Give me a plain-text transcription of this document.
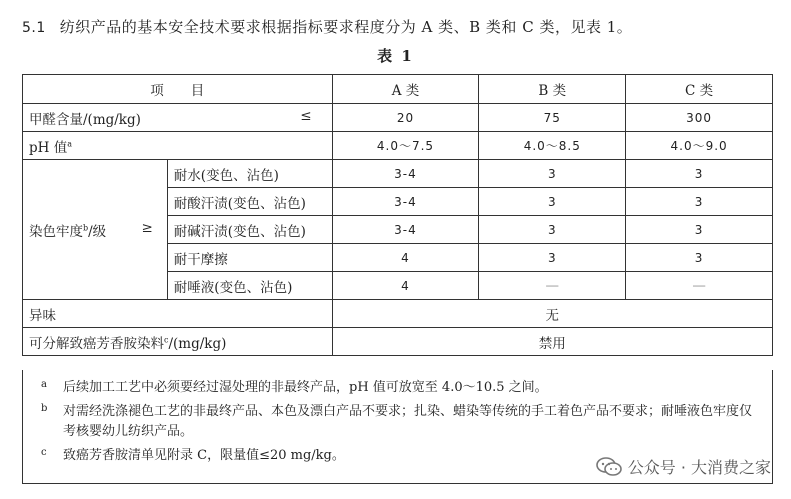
5.1 纺织产品的基本安全技术要求根据指标要求程度分为 A 类、B 类和 C 类，见表 1。
表 1
项　　目		A 类	B 类	C 类
甲醛含量/(mg/kg) ≤		20	75	300
pH 值$^a$		4.0～7.5	4.0～8.5	4.0～9.0
染色牢度$^b$/级 ≥	耐水(变色、沾色)	3-4	3	3
	耐酸汗渍(变色、沾色)	3-4	3	3
	耐碱汗渍(变色、沾色)	3-4	3	3
	耐干摩擦	4	3	3
	耐唾液(变色、沾色)	4	—	—
异味		无		
可分解致癌芳香胺染料$^c$/(mg/kg)		禁用		
a 后续加工工艺中必须要经过湿处理的非最终产品，pH 值可放宽至 4.0～10.5 之间。
b 对需经洗涤褪色工艺的非最终产品、本色及漂白产品不要求；扎染、蜡染等传统的手工着色产品不要求；耐唾液色牢度仅考核婴幼儿纺织产品。
c 致癌芳香胺清单见附录 C，限量值≤20 mg/kg。
公众号 · 大消费之家
